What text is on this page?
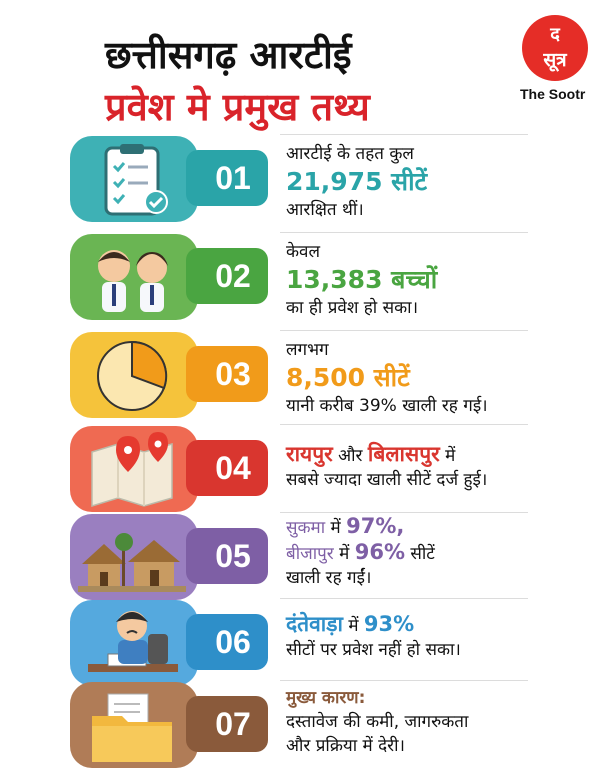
छत्तीसगढ़ आरटीई
प्रवेश मे प्रमुख तथ्य
द
सूत्र
The Sootr
01
आरटीई के तहत कुल
21,975 सीटें
आरक्षित थीं।
02
केवल
13,383 बच्चों
का ही प्रवेश हो सका।
03
लगभग
8,500 सीटें
यानी करीब 39% खाली रह गई।
04	रायपुर और बिलासपुर में
सबसे ज्यादा खाली सीटें दर्ज हुई।
05
सुकमा में 97%,
बीजापुर में 96% सीटें
खाली रह गईं।
06	दंतेवाड़ा में 93%
सीटों पर प्रवेश नहीं हो सका।
07
मुख्य कारण:
दस्तावेज की कमी, जागरुकता
और प्रक्रिया में देरी।
